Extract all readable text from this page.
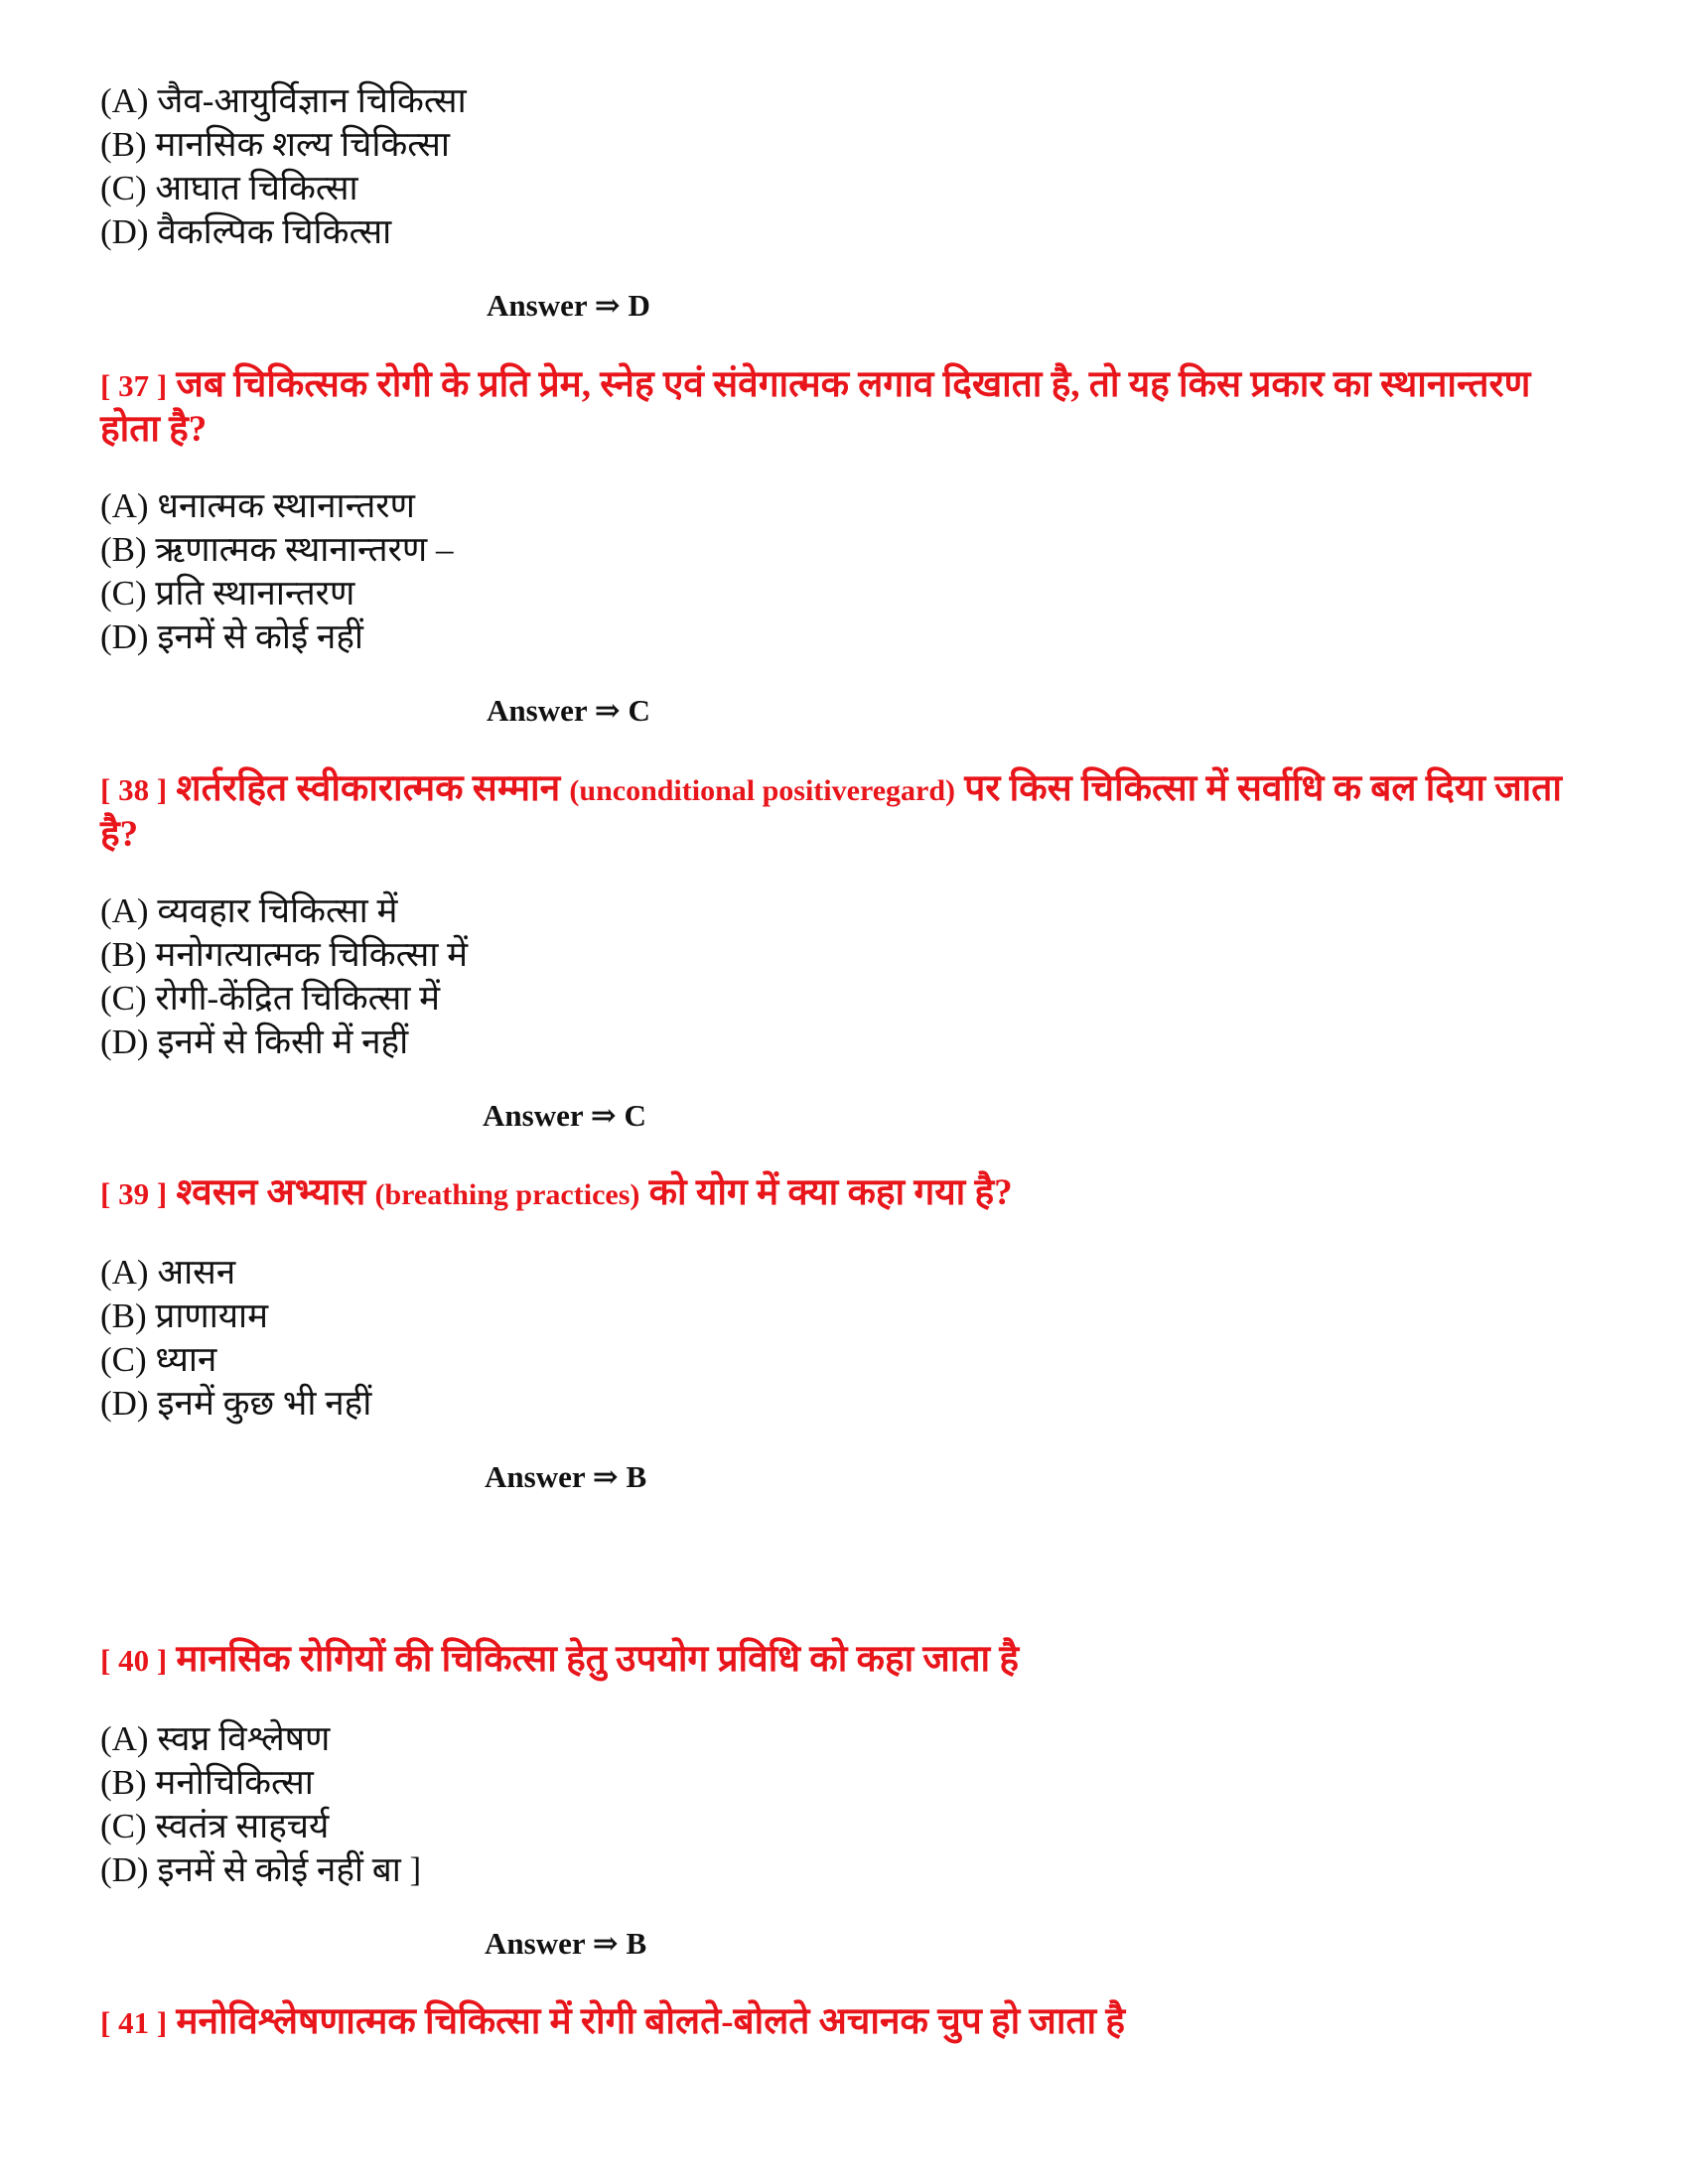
(A) जैव-आयुर्विज्ञान चिकित्सा
(B) मानसिक शल्य चिकित्सा
(C) आघात चिकित्सा
(D) वैकल्पिक चिकित्सा
Answer ⇒ D
[ 37 ] जब चिकित्सक रोगी के प्रति प्रेम, स्नेह एवं संवेगात्मक लगाव दिखाता है, तो यह किस प्रकार का स्थानान्तरण होता है?
(A) धनात्मक स्थानान्तरण
(B) ऋणात्मक स्थानान्तरण –
(C) प्रति स्थानान्तरण
(D) इनमें से कोई नहीं
Answer ⇒ C
[ 38 ] शर्तरहित स्वीकारात्मक सम्मान (unconditional positiveregard) पर किस चिकित्सा में सर्वाधि क बल दिया जाता है?
(A) व्यवहार चिकित्सा में
(B) मनोगत्यात्मक चिकित्सा में
(C) रोगी-केंद्रित चिकित्सा में
(D) इनमें से किसी में नहीं
Answer ⇒ C
[ 39 ] श्वसन अभ्यास (breathing practices) को योग में क्या कहा गया है?
(A) आसन
(B) प्राणायाम
(C) ध्यान
(D) इनमें कुछ भी नहीं
Answer ⇒ B
[ 40 ] मानसिक रोगियों की चिकित्सा हेतु उपयोग प्रविधि को कहा जाता है
(A) स्वप्न विश्लेषण
(B) मनोचिकित्सा
(C) स्वतंत्र साहचर्य
(D) इनमें से कोई नहीं बा ]
Answer ⇒ B
[ 41 ] मनोविश्लेषणात्मक चिकित्सा में रोगी बोलते-बोलते अचानक चुप हो जाता है
